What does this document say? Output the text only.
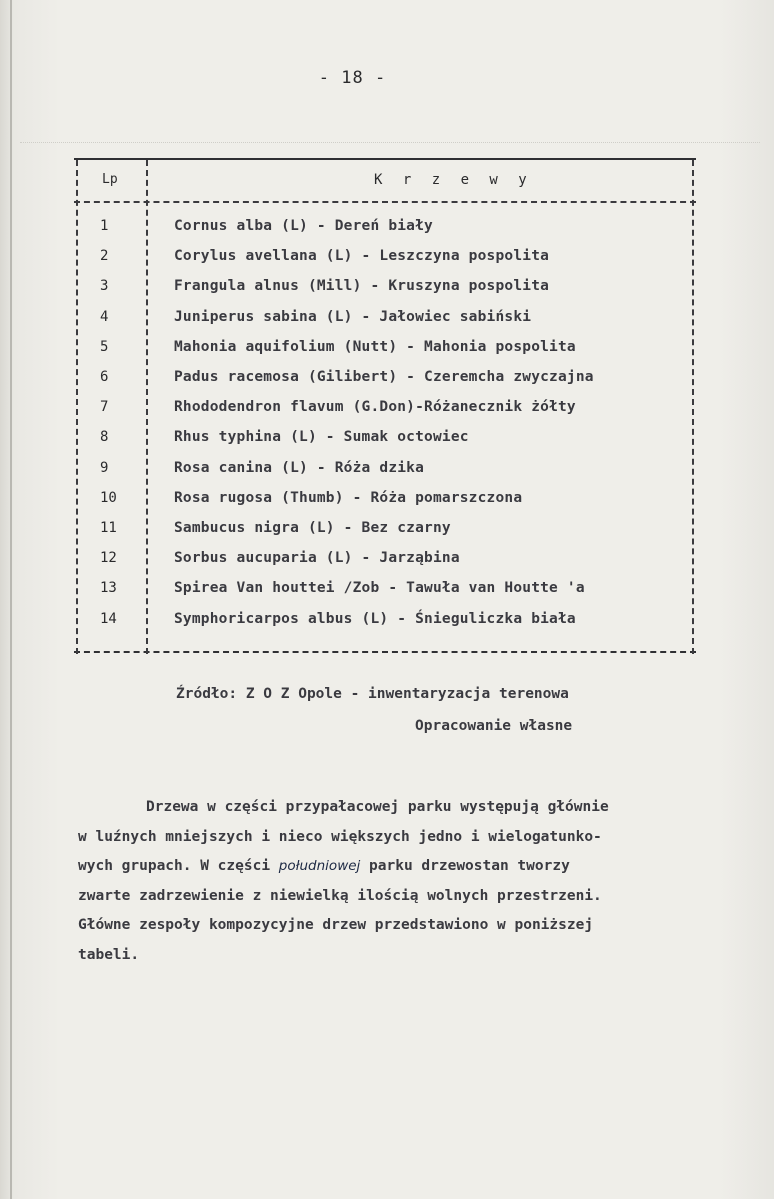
- 18 -
Lp	K r z e w y
1	Cornus alba (L) - Dereń biały
2	Corylus avellana (L) - Leszczyna pospolita
3	Frangula alnus (Mill) - Kruszyna pospolita
4	Juniperus sabina (L) - Jałowiec sabiński
5	Mahonia aquifolium (Nutt) - Mahonia pospolita
6	Padus racemosa (Gilibert) - Czeremcha zwyczajna
7	Rhododendron flavum (G.Don)-Różanecznik żółty
8	Rhus typhina (L) - Sumak octowiec
9	Rosa canina (L) - Róża dzika
10	Rosa rugosa (Thumb) - Róża pomarszczona
11	Sambucus nigra (L) - Bez czarny
12	Sorbus aucuparia (L) - Jarząbina
13	Spirea Van houttei /Zob - Tawuła van Houtte 'a
14	Symphoricarpos albus (L) - Śnieguliczka biała
Źródło: Z O Z Opole - inwentaryzacja terenowa
Opracowanie własne
Drzewa w części przypałacowej parku występują głównie
w luźnych mniejszych i nieco większych jedno i wielogatunko-
wych grupach. W części południowej parku drzewostan tworzy
zwarte zadrzewienie z niewielką ilością wolnych przestrzeni.
Główne zespoły kompozycyjne drzew przedstawiono w poniższej
tabeli.
